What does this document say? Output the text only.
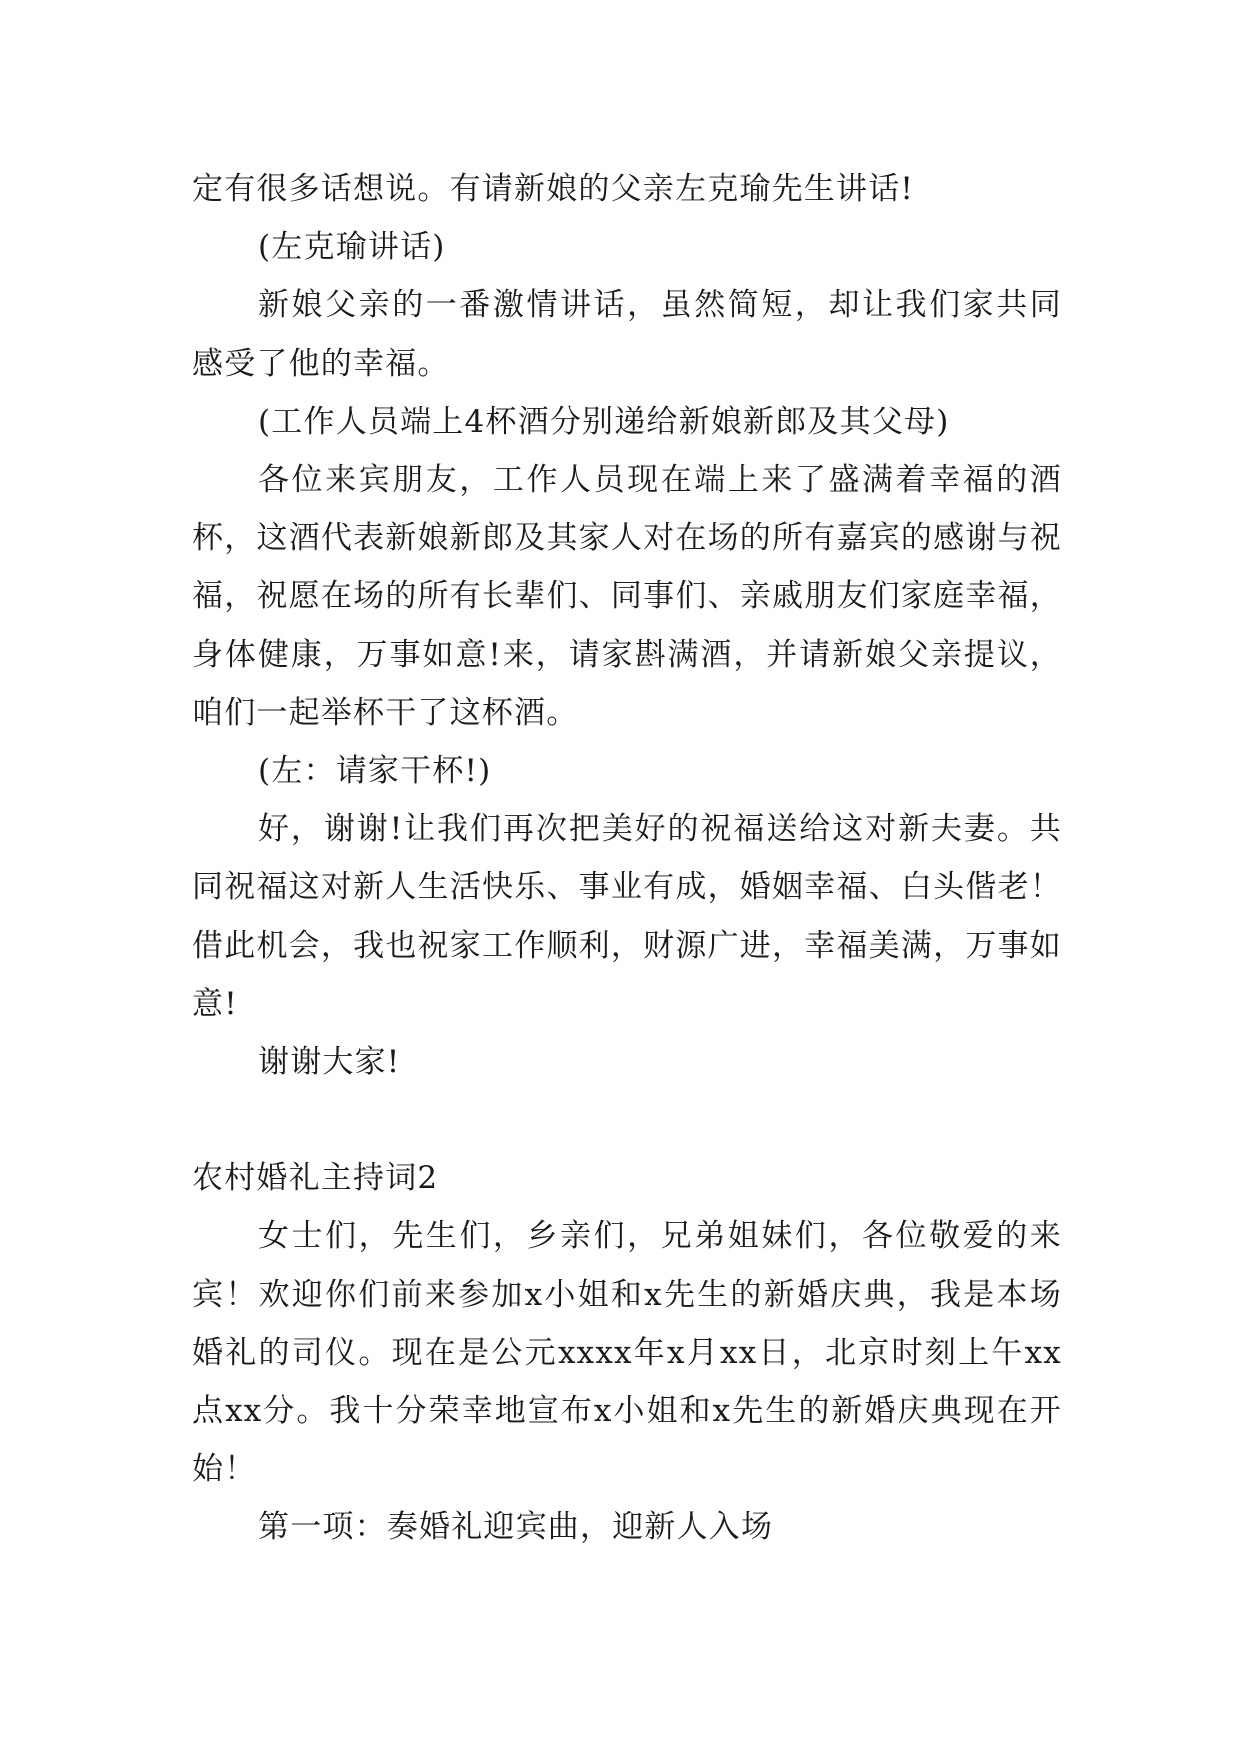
定有很多话想说。有请新娘的父亲左克瑜先生讲话!

(左克瑜讲话)

新娘父亲的一番激情讲话，虽然简短，却让我们家共同感受了他的幸福。

(工作人员端上4杯酒分别递给新娘新郎及其父母)

各位来宾朋友，工作人员现在端上来了盛满着幸福的酒杯，这酒代表新娘新郎及其家人对在场的所有嘉宾的感谢与祝福，祝愿在场的所有长辈们、同事们、亲戚朋友们家庭幸福，身体健康，万事如意!来，请家斟满酒，并请新娘父亲提议，咱们一起举杯干了这杯酒。

(左：请家干杯!)

好，谢谢!让我们再次把美好的祝福送给这对新夫妻。共同祝福这对新人生活快乐、事业有成，婚姻幸福、白头偕老！借此机会，我也祝家工作顺利，财源广进，幸福美满，万事如意!

谢谢大家!

农村婚礼主持词2

女士们，先生们，乡亲们，兄弟姐妹们，各位敬爱的来宾！欢迎你们前来参加x小姐和x先生的新婚庆典，我是本场婚礼的司仪。现在是公元xxxx年x月xx日，北京时刻上午xx点xx分。我十分荣幸地宣布x小姐和x先生的新婚庆典现在开始！

第一项：奏婚礼迎宾曲，迎新人入场
